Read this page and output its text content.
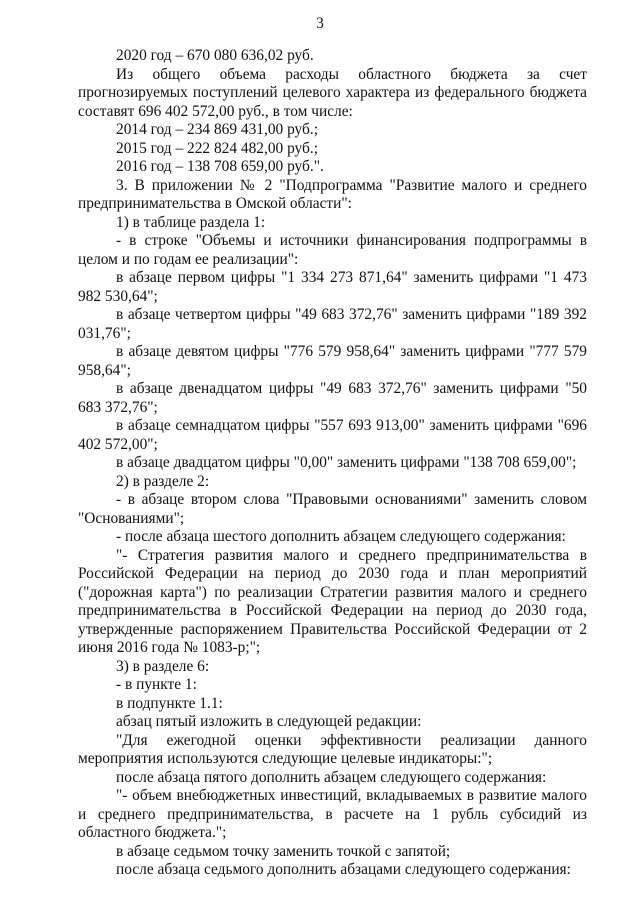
3

2020 год – 670 080 636,02 руб.

Из общего объема расходы областного бюджета за счет прогнозируемых поступлений целевого характера из федерального бюджета составят 696 402 572,00 руб., в том числе:

2014 год – 234 869 431,00 руб.;

2015 год – 222 824 482,00 руб.;

2016 год – 138 708 659,00 руб.".

3. В приложении № 2 "Подпрограмма "Развитие малого и среднего предпринимательства в Омской области":

1) в таблице раздела 1:

- в строке "Объемы и источники финансирования подпрограммы в целом и по годам ее реализации":

в абзаце первом цифры "1 334 273 871,64" заменить цифрами "1 473 982 530,64";

в абзаце четвертом цифры "49 683 372,76" заменить цифрами "189 392 031,76";

в абзаце девятом цифры "776 579 958,64" заменить цифрами "777 579 958,64";

в абзаце двенадцатом цифры "49 683 372,76" заменить цифрами "50 683 372,76";

в абзаце семнадцатом цифры "557 693 913,00" заменить цифрами "696 402 572,00";

в абзаце двадцатом цифры "0,00" заменить цифрами "138 708 659,00";

2) в разделе 2:

- в абзаце втором слова "Правовыми основаниями" заменить словом "Основаниями";

- после абзаца шестого дополнить абзацем следующего содержания:

"- Стратегия развития малого и среднего предпринимательства в Российской Федерации на период до 2030 года и план мероприятий ("дорожная карта") по реализации Стратегии развития малого и среднего предпринимательства в Российской Федерации на период до 2030 года, утвержденные распоряжением Правительства Российской Федерации от 2 июня 2016 года № 1083-р;";

3) в разделе 6:

- в пункте 1:

в подпункте 1.1:

абзац пятый изложить в следующей редакции:

"Для ежегодной оценки эффективности реализации данного мероприятия используются следующие целевые индикаторы:";

после абзаца пятого дополнить абзацем следующего содержания:

"- объем внебюджетных инвестиций, вкладываемых в развитие малого и среднего предпринимательства, в расчете на 1 рубль субсидий из областного бюджета.";

в абзаце седьмом точку заменить точкой с запятой;

после абзаца седьмого дополнить абзацами следующего содержания:
